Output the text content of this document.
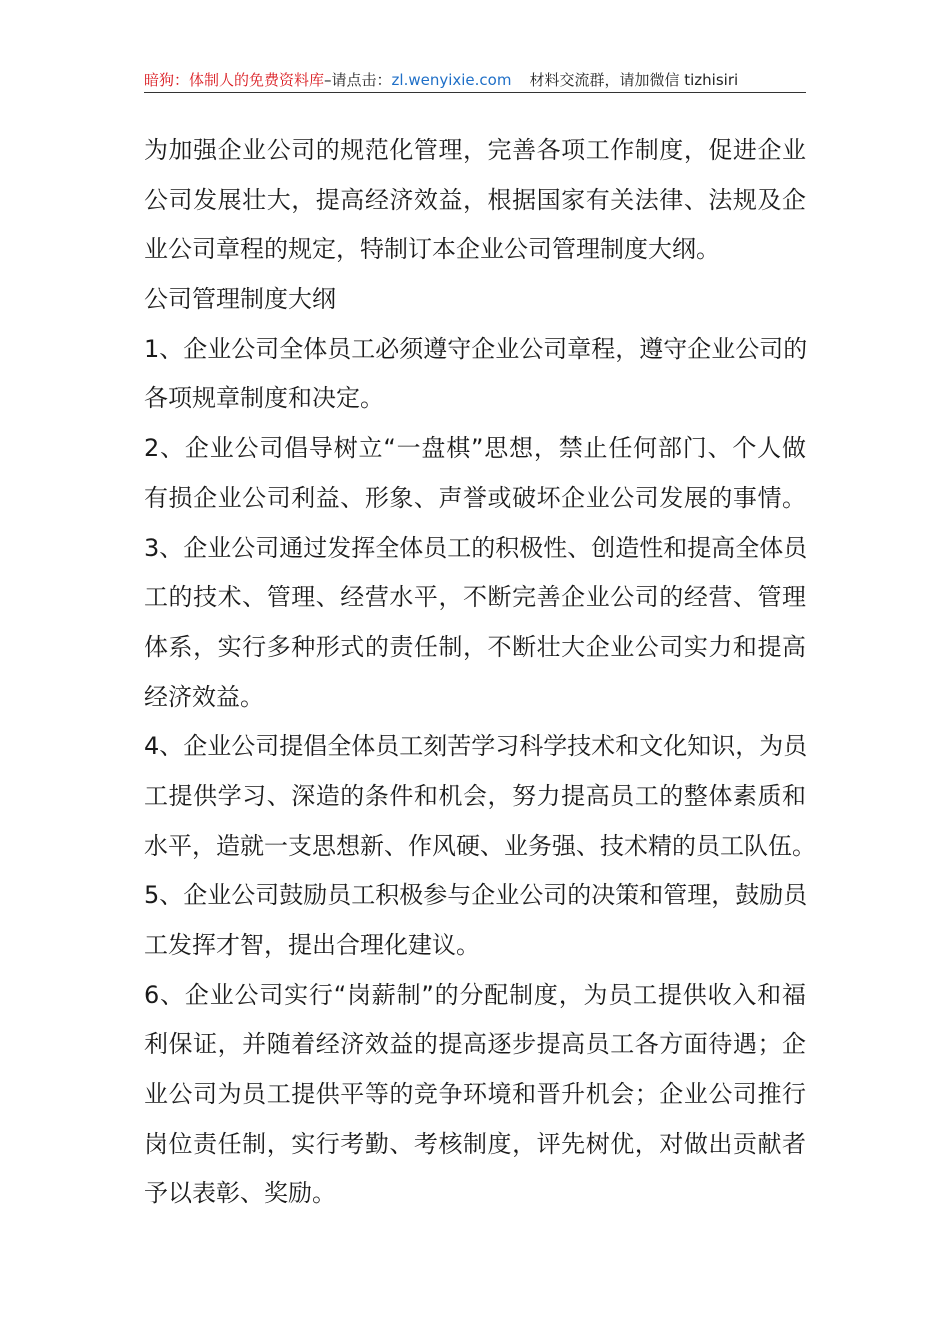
暗狗：体制人的免费资料库–请点击：zl.wenyixie.com 材料交流群，请加微信 tizhisiri
为加强企业公司的规范化管理，完善各项工作制度，促进企业
公司发展壮大，提高经济效益，根据国家有关法律、法规及企
业公司章程的规定，特制订本企业公司管理制度大纲。
公司管理制度大纲
1、企业公司全体员工必须遵守企业公司章程，遵守企业公司的
各项规章制度和决定。
2、企业公司倡导树立“一盘棋”思想，禁止任何部门、个人做
有损企业公司利益、形象、声誉或破坏企业公司发展的事情。
3、企业公司通过发挥全体员工的积极性、创造性和提高全体员
工的技术、管理、经营水平，不断完善企业公司的经营、管理
体系，实行多种形式的责任制，不断壮大企业公司实力和提高
经济效益。
4、企业公司提倡全体员工刻苦学习科学技术和文化知识，为员
工提供学习、深造的条件和机会，努力提高员工的整体素质和
水平，造就一支思想新、作风硬、业务强、技术精的员工队伍。
5、企业公司鼓励员工积极参与企业公司的决策和管理，鼓励员
工发挥才智，提出合理化建议。
6、企业公司实行“岗薪制”的分配制度，为员工提供收入和福
利保证，并随着经济效益的提高逐步提高员工各方面待遇；企
业公司为员工提供平等的竞争环境和晋升机会；企业公司推行
岗位责任制，实行考勤、考核制度，评先树优，对做出贡献者
予以表彰、奖励。
